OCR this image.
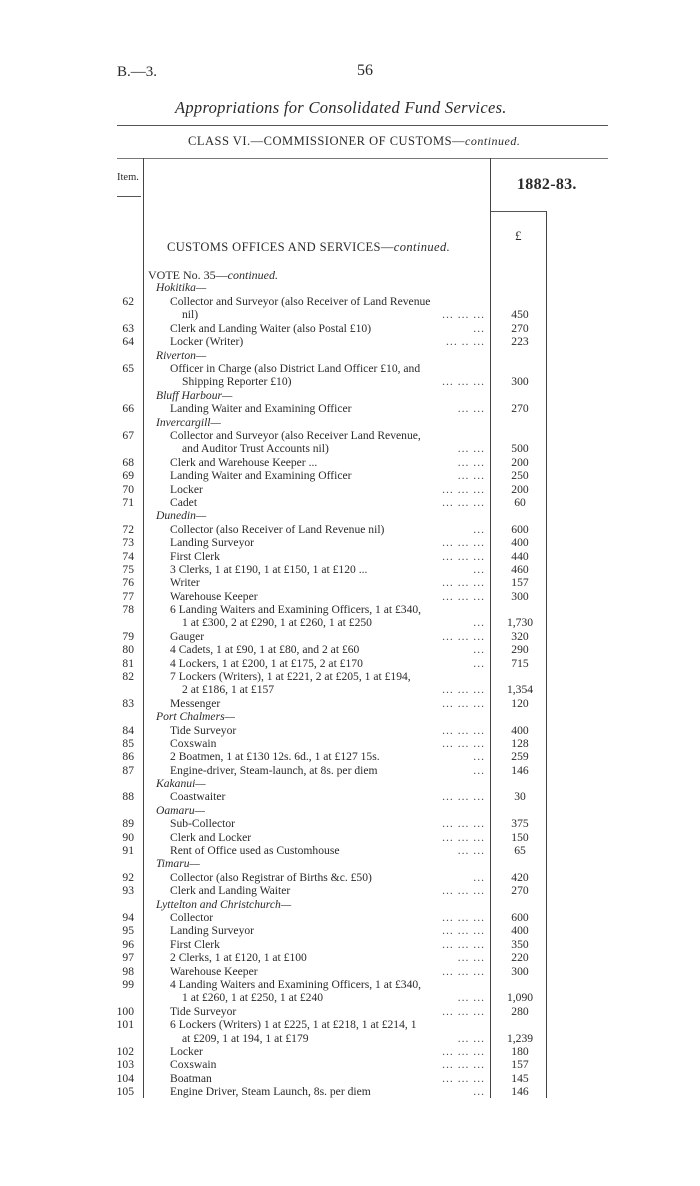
B.—3.	56
Appropriations for Consolidated Fund Services.
CLASS VI.—COMMISSIONER OF CUSTOMS—continued.
Item.	1882-83.
£
CUSTOMS OFFICES AND SERVICES—continued.
VOTE No. 35—continued.
Hokitika—
62	Collector and Surveyor (also Receiver of Land Revenue
nil)	... ... ...	450
63	Clerk and Landing Waiter (also Postal £10)	...	270
64	Locker (Writer)	... .. ...	223
Riverton—
65	Officer in Charge (also District Land Officer £10, and
Shipping Reporter £10)	... ... ...	300
Bluff Harbour—
66	Landing Waiter and Examining Officer	... ...	270
Invercargill—
67	Collector and Surveyor (also Receiver Land Revenue,
and Auditor Trust Accounts nil)	... ...	500
68	Clerk and Warehouse Keeper ...	... ...	200
69	Landing Waiter and Examining Officer	... ...	250
70	Locker	... ... ...	200
71	Cadet	... ... ...	60
Dunedin—
72	Collector (also Receiver of Land Revenue nil)	...	600
73	Landing Surveyor	... ... ...	400
74	First Clerk	... ... ...	440
75	3 Clerks, 1 at £190, 1 at £150, 1 at £120 ...	...	460
76	Writer	... ... ...	157
77	Warehouse Keeper	... ... ...	300
78	6 Landing Waiters and Examining Officers, 1 at £340,
1 at £300, 2 at £290, 1 at £260, 1 at £250	...	1,730
79	Gauger	... ... ...	320
80	4 Cadets, 1 at £90, 1 at £80, and 2 at £60	...	290
81	4 Lockers, 1 at £200, 1 at £175, 2 at £170	...	715
82	7 Lockers (Writers), 1 at £221, 2 at £205, 1 at £194,
2 at £186, 1 at £157	... ... ...	1,354
83	Messenger	... ... ...	120
Port Chalmers—
84	Tide Surveyor	... ... ...	400
85	Coxswain	... ... ...	128
86	2 Boatmen, 1 at £130 12s. 6d., 1 at £127 15s.	...	259
87	Engine-driver, Steam-launch, at 8s. per diem	...	146
Kakanui—
88	Coastwaiter	... ... ...	30
Oamaru—
89	Sub-Collector	... ... ...	375
90	Clerk and Locker	... ... ...	150
91	Rent of Office used as Customhouse	... ...	65
Timaru—
92	Collector (also Registrar of Births &c. £50)	...	420
93	Clerk and Landing Waiter	... ... ...	270
Lyttelton and Christchurch—
94	Collector	... ... ...	600
95	Landing Surveyor	... ... ...	400
96	First Clerk	... ... ...	350
97	2 Clerks, 1 at £120, 1 at £100	... ...	220
98	Warehouse Keeper	... ... ...	300
99	4 Landing Waiters and Examining Officers, 1 at £340,
1 at £260, 1 at £250, 1 at £240	... ...	1,090
100	Tide Surveyor	... ... ...	280
101	6 Lockers (Writers) 1 at £225, 1 at £218, 1 at £214, 1
at £209, 1 at 194, 1 at £179	... ...	1,239
102	Locker	... ... ...	180
103	Coxswain	... ... ...	157
104	Boatman	... ... ...	145
105	Engine Driver, Steam Launch, 8s. per diem	...	146
